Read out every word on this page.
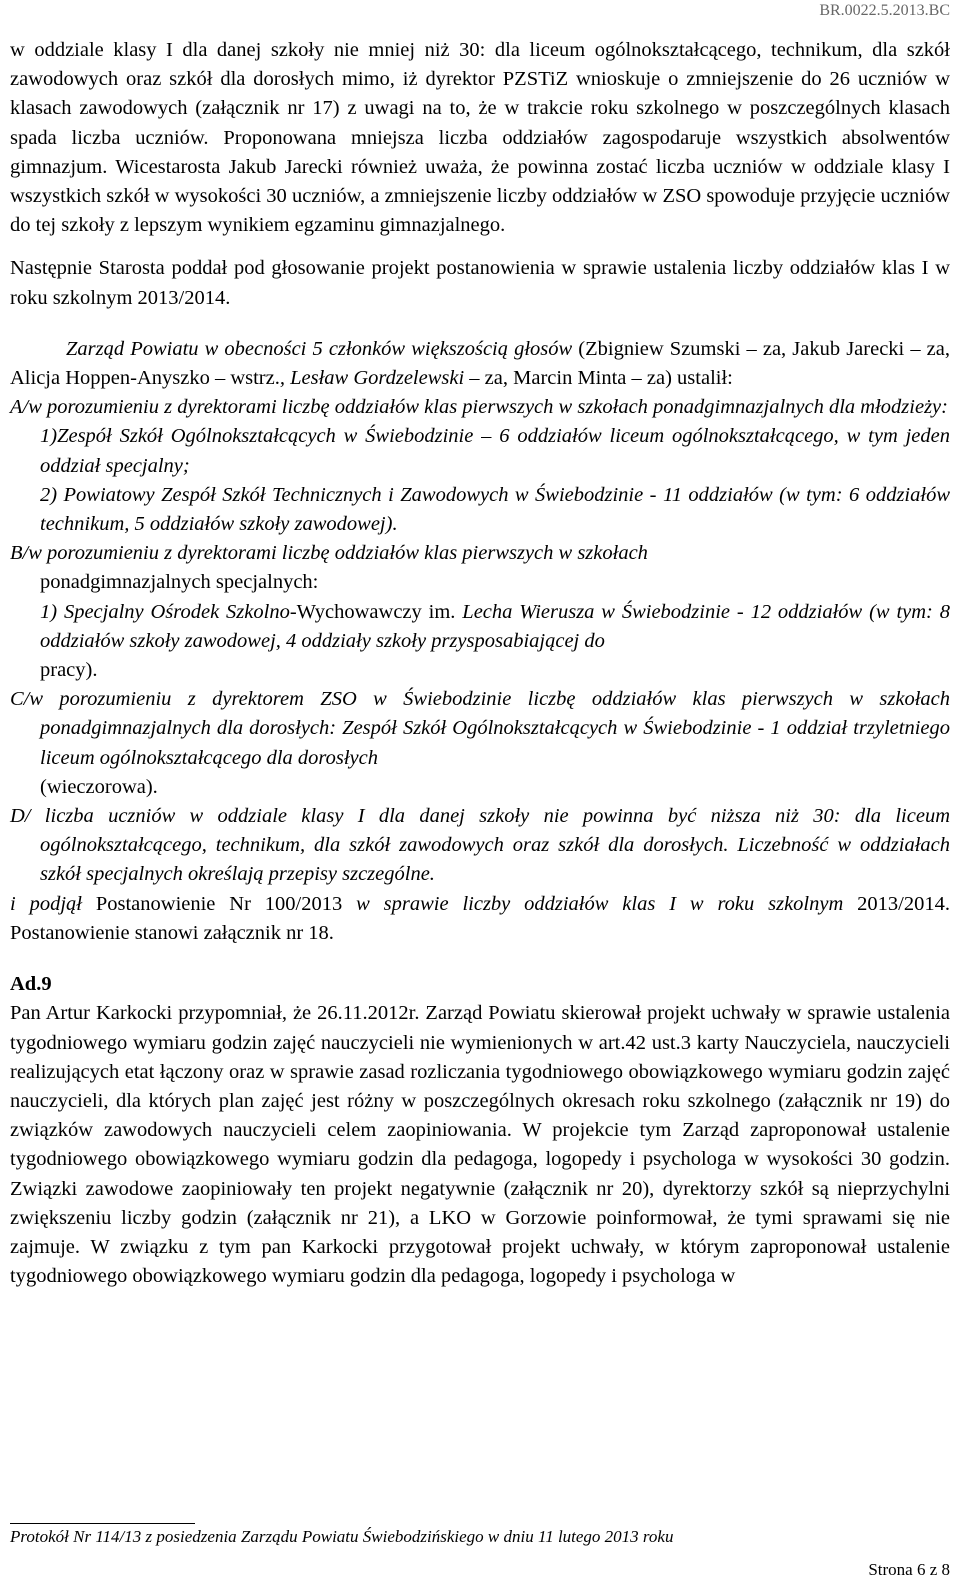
BR.0022.5.2013.BC

w oddziale klasy I dla danej szkoły nie mniej niż 30: dla liceum ogólnokształcącego, technikum, dla szkół zawodowych oraz szkół dla dorosłych mimo, iż dyrektor PZSTiZ wnioskuje o zmniejszenie do 26 uczniów w klasach zawodowych (załącznik nr 17) z uwagi na to, że w trakcie roku szkolnego w poszczególnych klasach spada liczba uczniów. Proponowana mniejsza liczba oddziałów zagospodaruje wszystkich absolwentów gimnazjum. Wicestarosta Jakub Jarecki również uważa, że powinna zostać liczba uczniów w oddziale klasy I wszystkich szkół w wysokości 30 uczniów, a zmniejszenie liczby oddziałów w ZSO spowoduje przyjęcie uczniów do tej szkoły z lepszym wynikiem egzaminu gimnazjalnego.

Następnie Starosta poddał pod głosowanie projekt postanowienia w sprawie ustalenia liczby oddziałów klas I w roku szkolnym 2013/2014.

Zarząd Powiatu w obecności 5 członków większością głosów (Zbigniew Szumski – za, Jakub Jarecki – za, Alicja Hoppen-Anyszko – wstrz., Lesław Gordzelewski – za, Marcin Minta – za) ustalił:

A/w porozumieniu z dyrektorami liczbę oddziałów klas pierwszych w szkołach ponadgimnazjalnych dla młodzieży:

1)Zespół Szkół Ogólnokształcących w Świebodzinie – 6 oddziałów liceum ogólnokształcącego, w tym jeden oddział specjalny;

2) Powiatowy Zespół Szkół Technicznych i Zawodowych w Świebodzinie - 11 oddziałów (w tym: 6 oddziałów technikum, 5 oddziałów szkoły zawodowej).

B/w porozumieniu z dyrektorami liczbę oddziałów klas pierwszych w szkołach

ponadgimnazjalnych specjalnych:

1) Specjalny Ośrodek Szkolno-Wychowawczy im. Lecha Wierusza w Świebodzinie - 12 oddziałów (w tym: 8 oddziałów szkoły zawodowej, 4 oddziały szkoły przysposabiającej do

pracy).

C/w porozumieniu z dyrektorem ZSO w Świebodzinie liczbę oddziałów klas pierwszych w szkołach ponadgimnazjalnych dla dorosłych: Zespół Szkół Ogólnokształcących w Świebodzinie - 1 oddział trzyletniego liceum ogólnokształcącego dla dorosłych

(wieczorowa).

D/ liczba uczniów w oddziale klasy I dla danej szkoły nie powinna być niższa niż 30: dla liceum ogólnokształcącego, technikum, dla szkół zawodowych oraz szkół dla dorosłych. Liczebność w oddziałach szkół specjalnych określają przepisy szczególne.

i podjął Postanowienie Nr 100/2013 w sprawie liczby oddziałów klas I w roku szkolnym 2013/2014. Postanowienie stanowi załącznik nr 18.

Ad.9

Pan Artur Karkocki przypomniał, że 26.11.2012r. Zarząd Powiatu skierował projekt uchwały w sprawie ustalenia tygodniowego wymiaru godzin zajęć nauczycieli nie wymienionych w art.42 ust.3 karty Nauczyciela, nauczycieli realizujących etat łączony oraz w sprawie zasad rozliczania tygodniowego obowiązkowego wymiaru godzin zajęć nauczycieli, dla których plan zajęć jest różny w poszczególnych okresach roku szkolnego (załącznik nr 19) do związków zawodowych nauczycieli celem zaopiniowania. W projekcie tym Zarząd zaproponował ustalenie tygodniowego obowiązkowego wymiaru godzin dla pedagoga, logopedy i psychologa w wysokości 30 godzin. Związki zawodowe zaopiniowały ten projekt negatywnie (załącznik nr 20), dyrektorzy szkół są nieprzychylni zwiększeniu liczby godzin (załącznik nr 21), a LKO w Gorzowie poinformował, że tymi sprawami się nie zajmuje. W związku z tym pan Karkocki przygotował projekt uchwały, w którym zaproponował ustalenie tygodniowego obowiązkowego wymiaru godzin dla pedagoga, logopedy i psychologa w

Protokół Nr 114/13 z posiedzenia Zarządu Powiatu Świebodzińskiego w dniu 11 lutego 2013 roku
Strona 6 z 8
